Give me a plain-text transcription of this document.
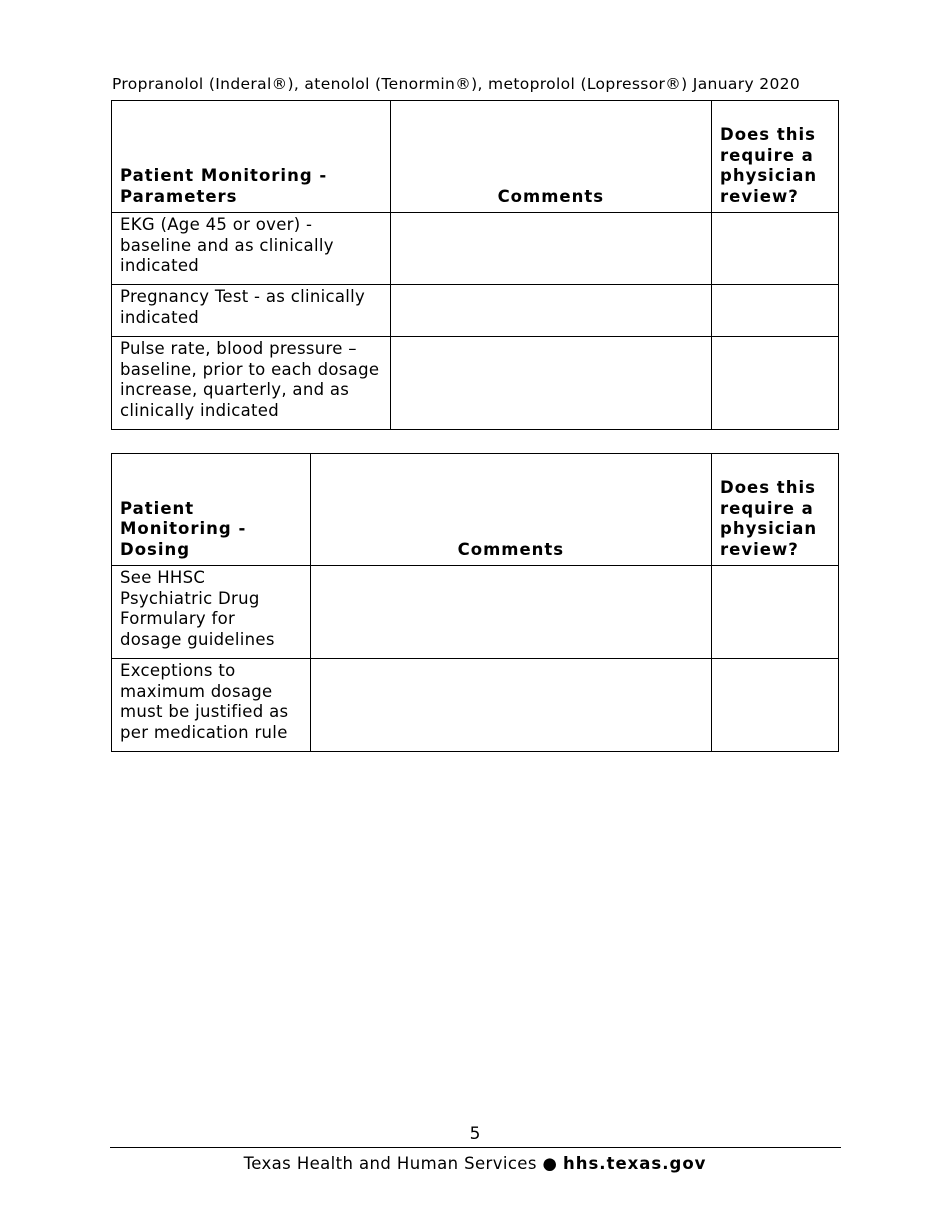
Propranolol (Inderal®), atenolol (Tenormin®), metoprolol (Lopressor®) January 2020
Patient Monitoring - Parameters	Comments	Does this require a physician review?
EKG (Age 45 or over) - baseline and as clinically indicated		
Pregnancy Test - as clinically indicated		
Pulse rate, blood pressure – baseline, prior to each dosage increase, quarterly, and as clinically indicated		
Patient Monitoring - Dosing	Comments	Does this require a physician review?
See HHSC Psychiatric Drug Formulary for dosage guidelines		
Exceptions to maximum dosage must be justified as per medication rule		
5
Texas Health and Human Services ● hhs.texas.gov
